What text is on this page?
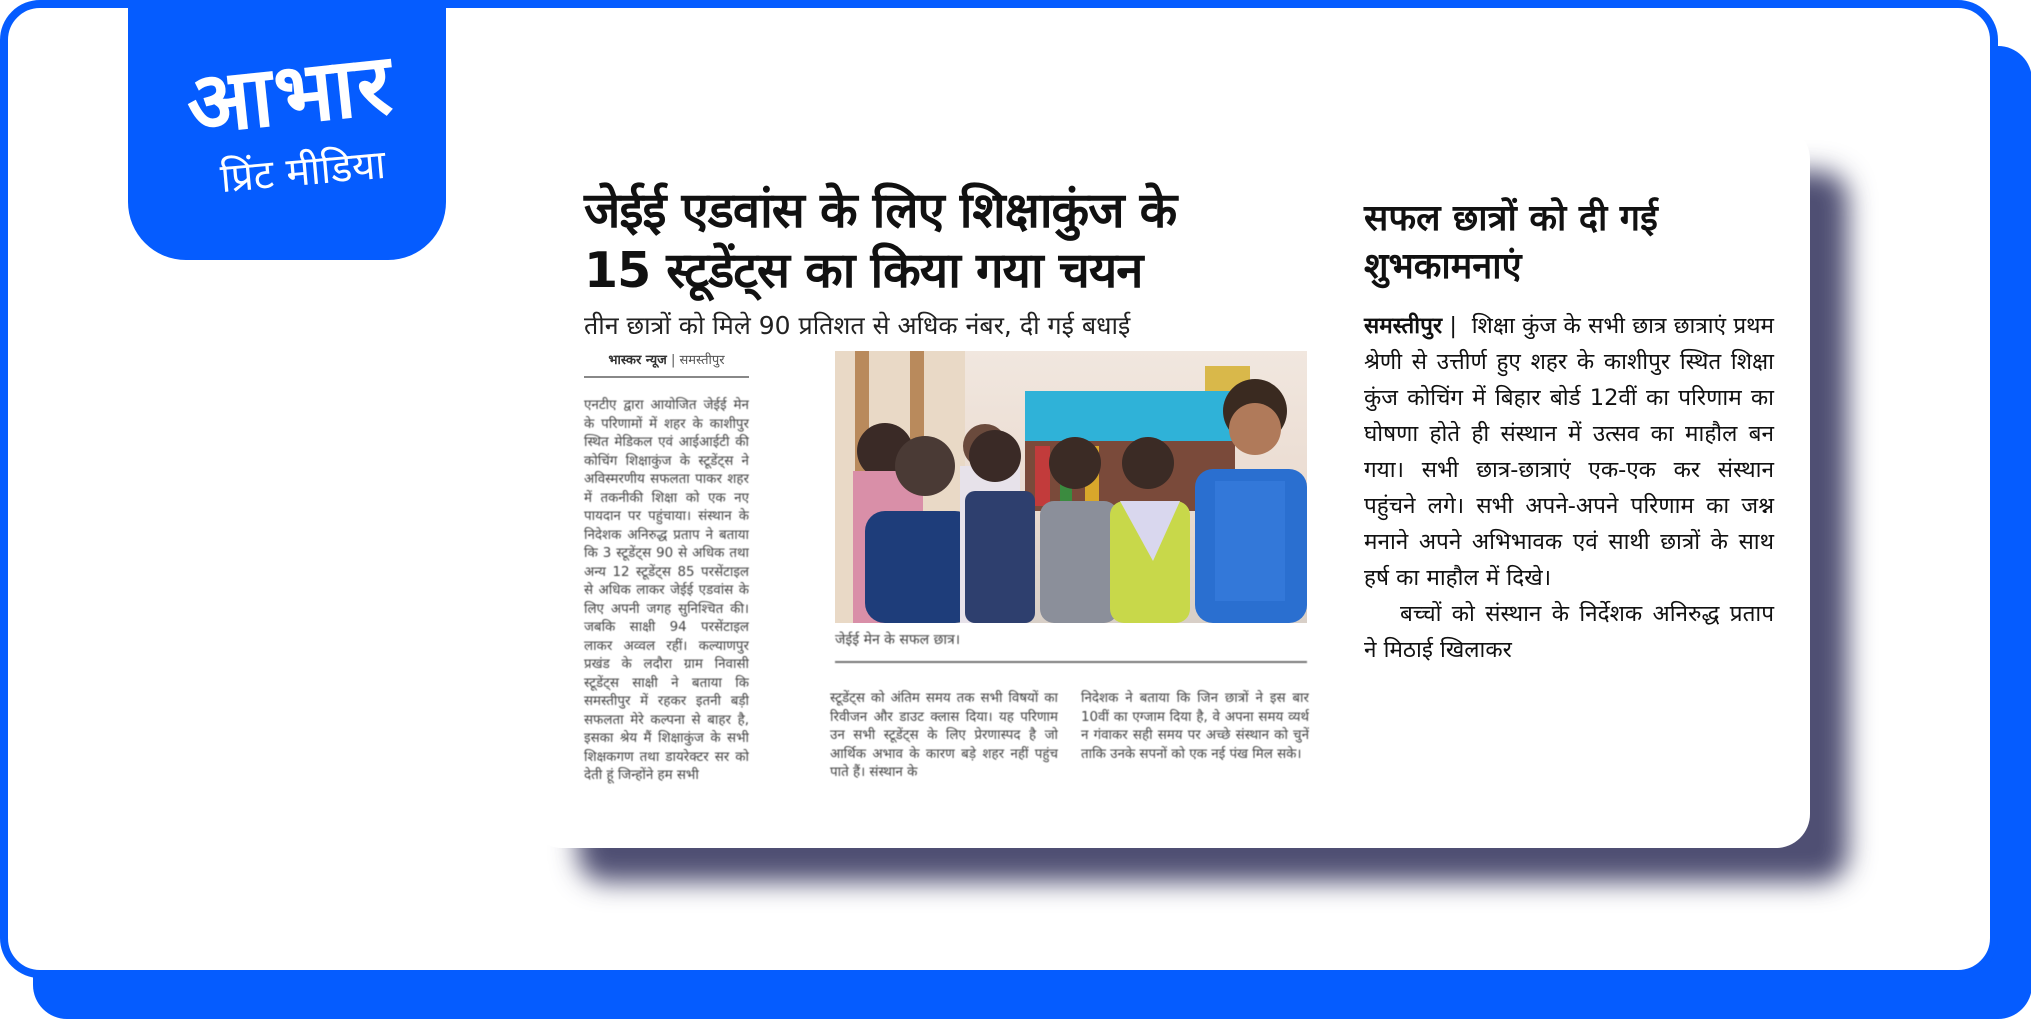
आभार
प्रिंट मीडिया
जेईई एडवांस के लिए शिक्षाकुंज के
15 स्टूडेंट्स का किया गया चयन
तीन छात्रों को मिले 90 प्रतिशत से अधिक नंबर, दी गई बधाई
भास्कर न्यूज | समस्तीपुर
एनटीए द्वारा आयोजित जेईई मेन के परिणामों में शहर के काशीपुर स्थित मेडिकल एवं आईआईटी की कोचिंग शिक्षाकुंज के स्टूडेंट्स ने अविस्मरणीय सफलता पाकर शहर में तकनीकी शिक्षा को एक नए पायदान पर पहुंचाया। संस्थान के निदेशक अनिरुद्ध प्रताप ने बताया कि 3 स्टूडेंट्स 90 से अधिक तथा अन्य 12 स्टूडेंट्स 85 परसेंटाइल से अधिक लाकर जेईई एडवांस के लिए अपनी जगह सुनिश्चित की। जबकि साक्षी 94 परसेंटाइल लाकर अव्वल रहीं। कल्याणपुर प्रखंड के लदौरा ग्राम निवासी स्टूडेंट्स साक्षी ने बताया कि समस्तीपुर में रहकर इतनी बड़ी सफलता मेरे कल्पना से बाहर है, इसका श्रेय मैं शिक्षाकुंज के सभी शिक्षकगण तथा डायरेक्टर सर को देती हूं जिन्होंने हम सभी
जेईई मेन के सफल छात्र।
स्टूडेंट्स को अंतिम समय तक सभी विषयों का रिवीजन और डाउट क्लास दिया। यह परिणाम उन सभी स्टूडेंट्स के लिए प्रेरणास्पद है जो आर्थिक अभाव के कारण बड़े शहर नहीं पहुंच पाते हैं। संस्थान के
निदेशक ने बताया कि जिन छात्रों ने इस बार 10वीं का एग्जाम दिया है, वे अपना समय व्यर्थ न गंवाकर सही समय पर अच्छे संस्थान को चुनें ताकि उनके सपनों को एक नई पंख मिल सके।
सफल छात्रों को दी गई
शुभकामनाएं

समस्तीपुर | शिक्षा कुंज के सभी छात्र छात्राएं प्रथम श्रेणी से उत्तीर्ण हुए शहर के काशीपुर स्थित शिक्षा कुंज कोचिंग में बिहार बोर्ड 12वीं का परिणाम का घोषणा होते ही संस्थान में उत्सव का माहौल बन गया। सभी छात्र-छात्राएं एक-एक कर संस्थान पहुंचने लगे। सभी अपने-अपने परिणाम का जश्न मनाने अपने अभिभावक एवं साथी छात्रों के साथ हर्ष का माहौल में दिखे।

बच्चों को संस्थान के निर्देशक अनिरुद्ध प्रताप ने मिठाई खिलाकर
